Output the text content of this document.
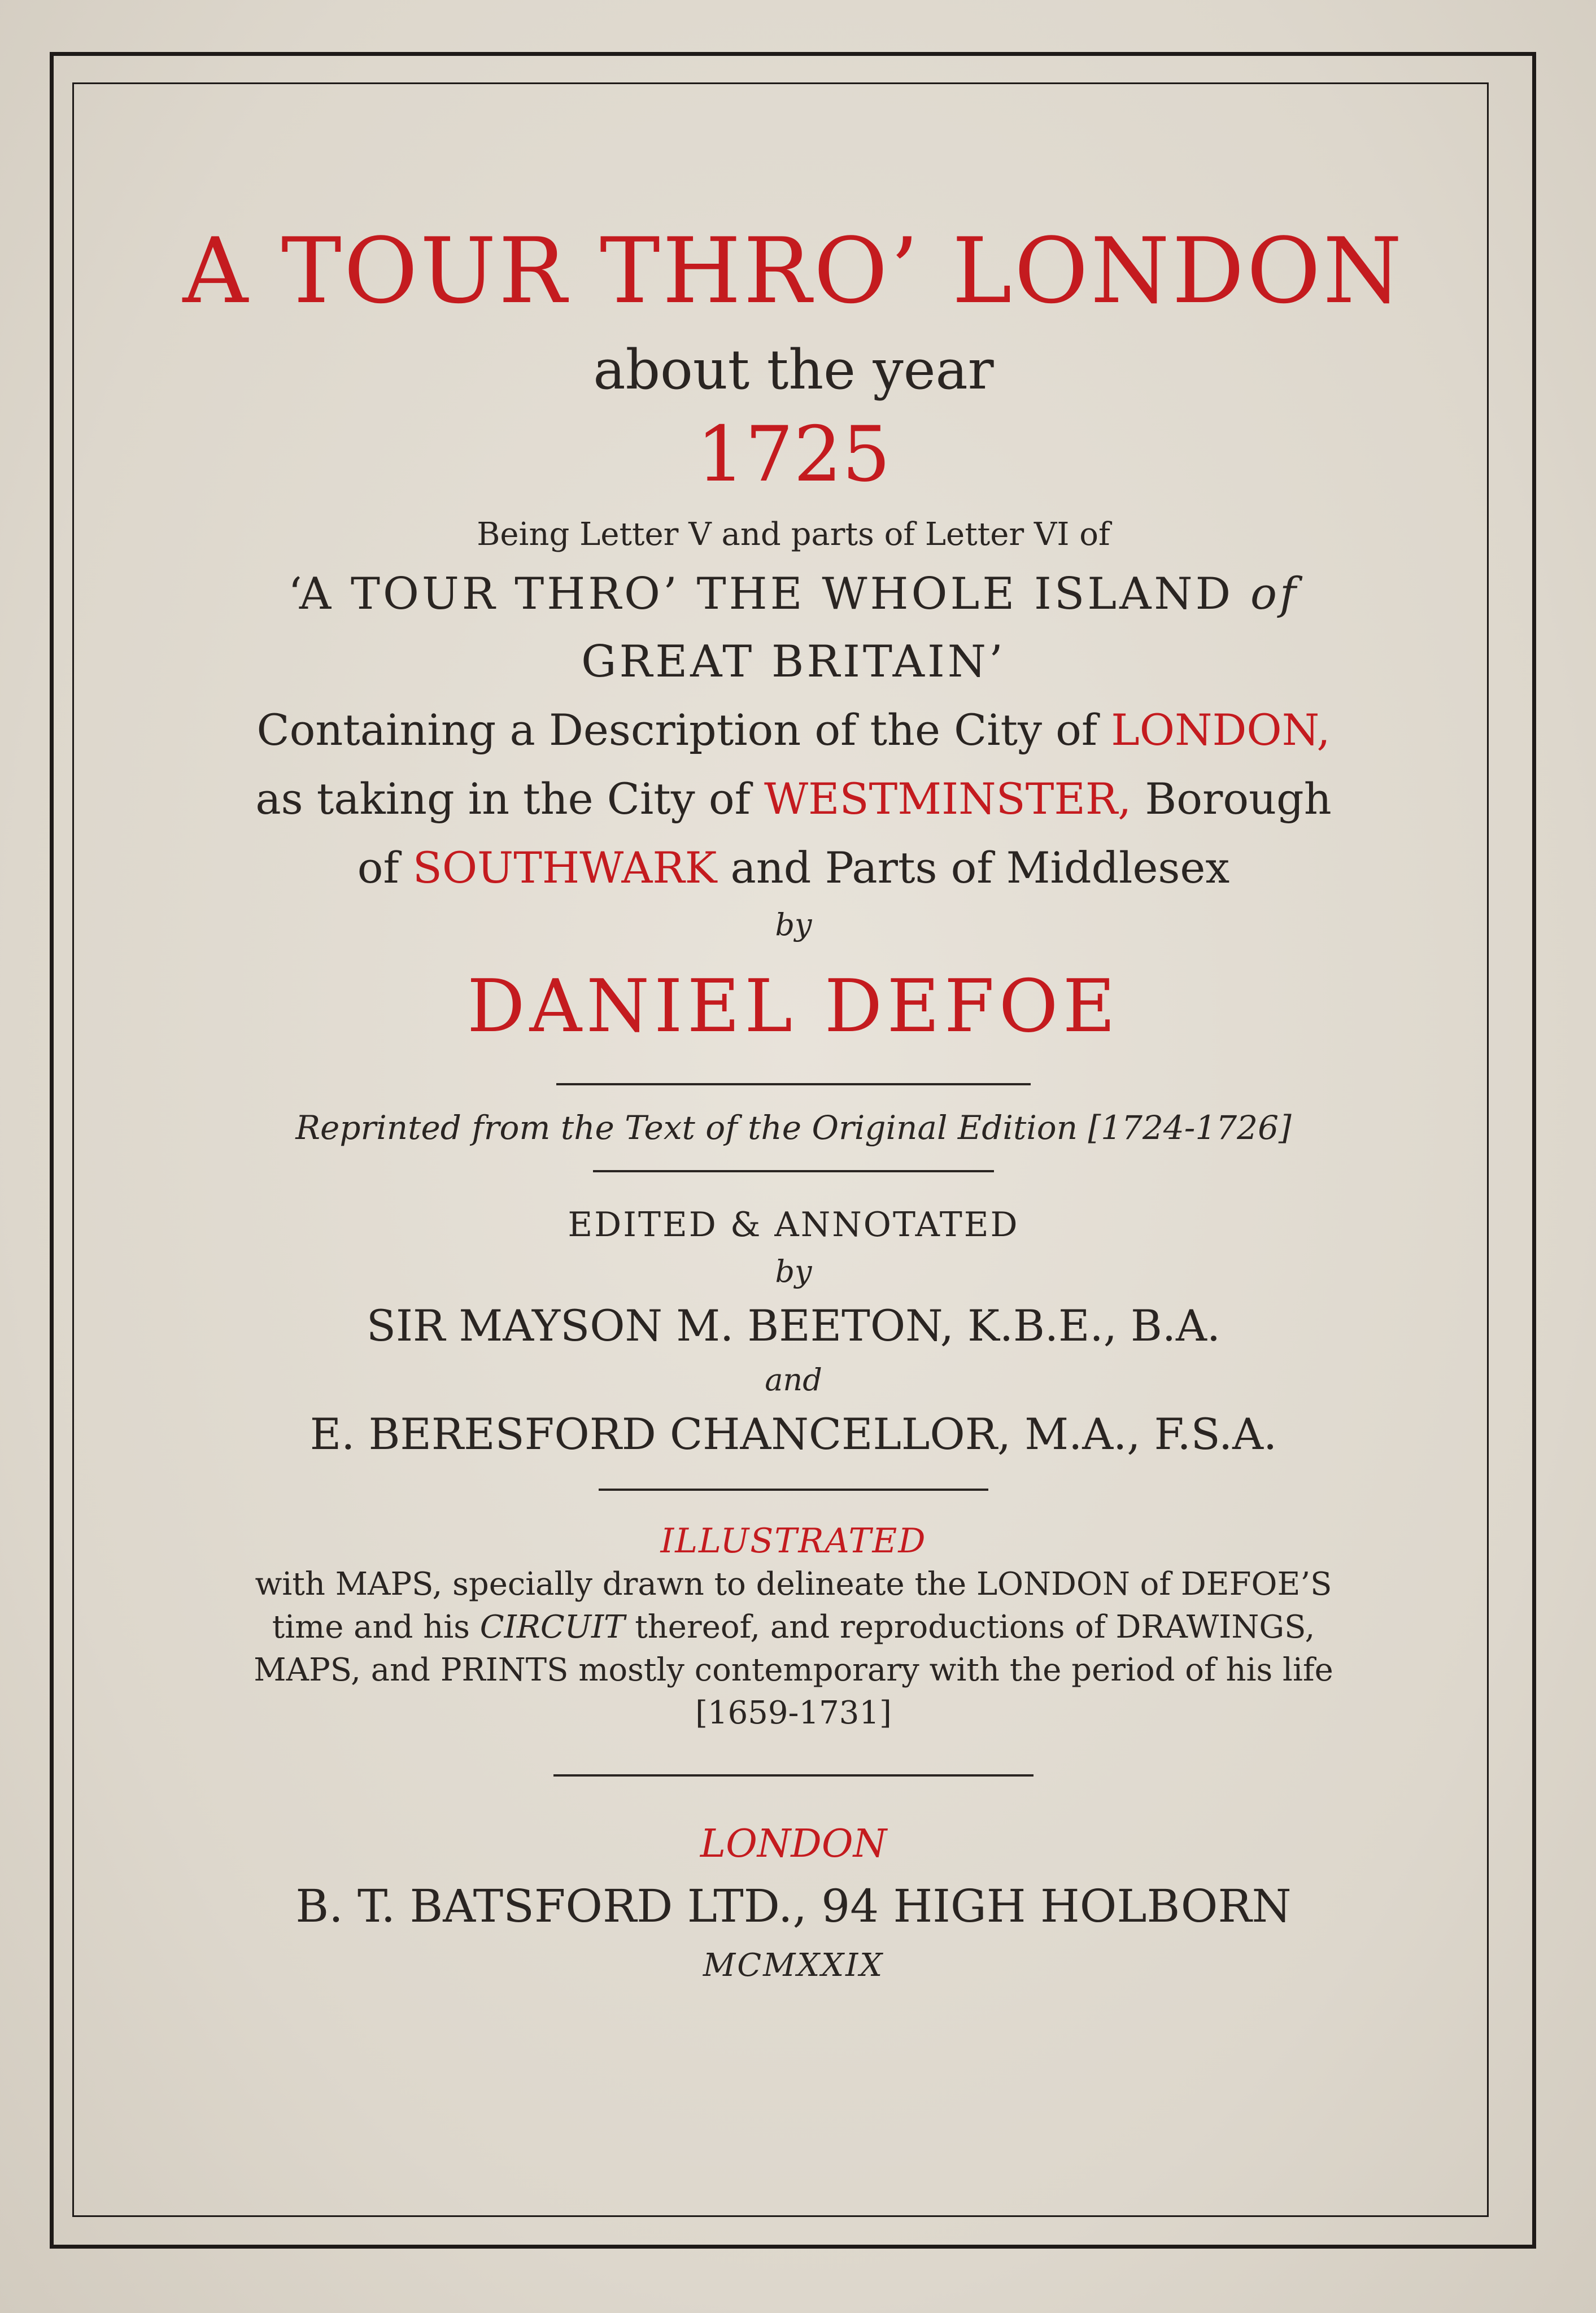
A TOUR THRO’ LONDON
about the year
1725
Being Letter V and parts of Letter VI of
‘A TOUR THRO’ THE WHOLE ISLAND of
GREAT BRITAIN’
Containing a Description of the City of LONDON,
as taking in the City of WESTMINSTER, Borough
of SOUTHWARK and Parts of Middlesex
by
DANIEL DEFOE
Reprinted from the Text of the Original Edition [1724-1726]
EDITED & ANNOTATED
by
SIR MAYSON M. BEETON, K.B.E., B.A.
and
E. BERESFORD CHANCELLOR, M.A., F.S.A.
ILLUSTRATED
with MAPS, specially drawn to delineate the LONDON of DEFOE’S
time and his CIRCUIT thereof, and reproductions of DRAWINGS,
MAPS, and PRINTS mostly contemporary with the period of his life
[1659-1731]
LONDON
B. T. BATSFORD LTD., 94 HIGH HOLBORN
MCMXXIX
